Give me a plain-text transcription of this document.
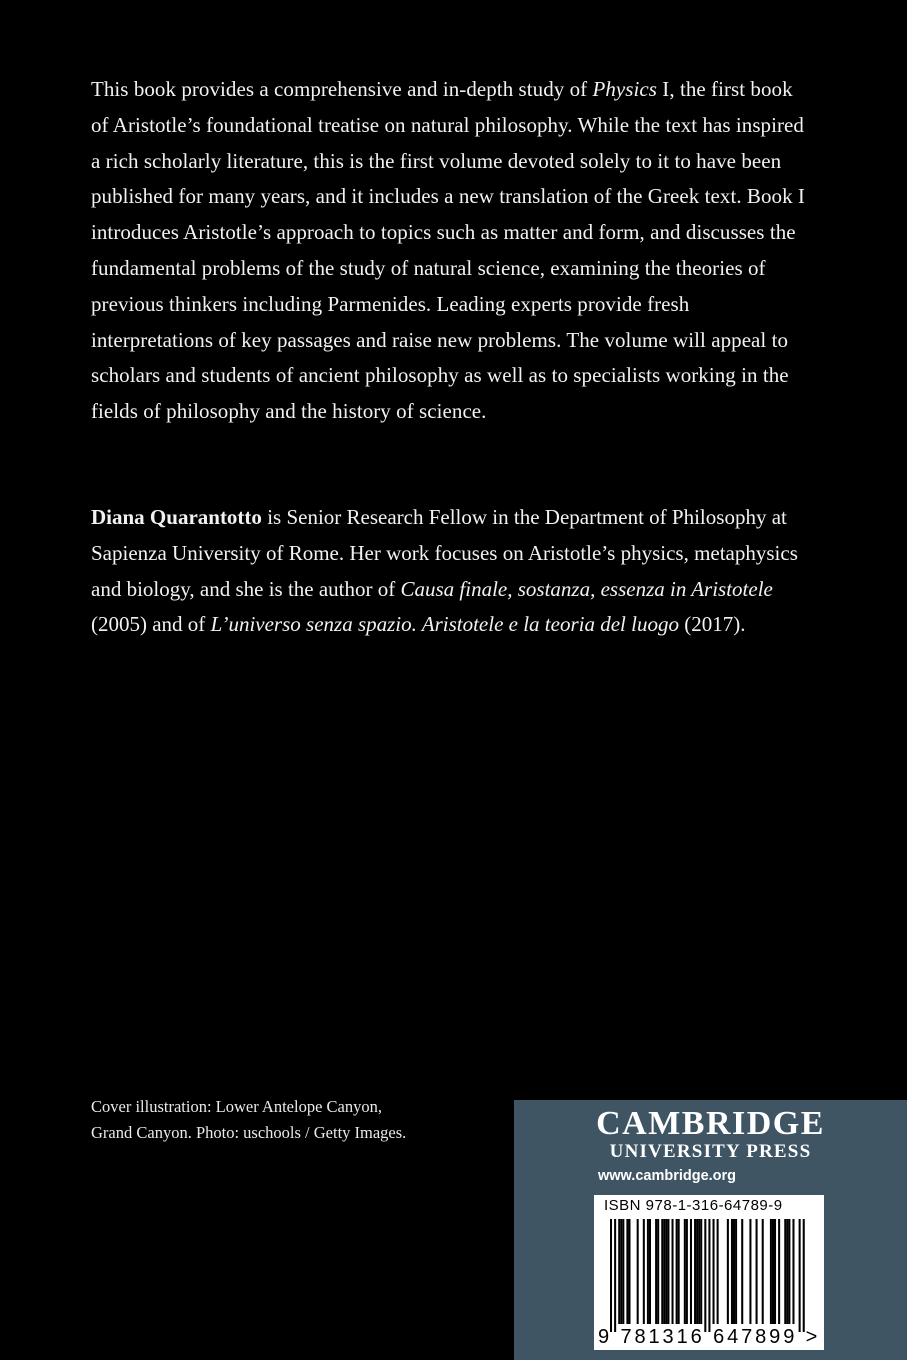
This book provides a comprehensive and in-depth study of Physics I, the first book of Aristotle’s foundational treatise on natural philosophy. While the text has inspired a rich scholarly literature, this is the first volume devoted solely to it to have been published for many years, and it includes a new translation of the Greek text. Book I introduces Aristotle’s approach to topics such as matter and form, and discusses the fundamental problems of the study of natural science, examining the theories of previous thinkers including Parmenides. Leading experts provide fresh interpretations of key passages and raise new problems. The volume will appeal to scholars and students of ancient philosophy as well as to specialists working in the fields of philosophy and the history of science.

Diana Quarantotto is Senior Research Fellow in the Department of Philosophy at Sapienza University of Rome. Her work focuses on Aristotle’s physics, metaphysics and biology, and she is the author of Causa finale, sostanza, essenza in Aristotele (2005) and of L’universo senza spazio. Aristotele e la teoria del luogo (2017).

Cover illustration: Lower Antelope Canyon,
Grand Canyon. Photo: uschools / Getty Images.	CAMBRIDGE
UNIVERSITY PRESS
www.cambridge.org
ISBN 978-1-316-64789-9
9 781316 647899 >
